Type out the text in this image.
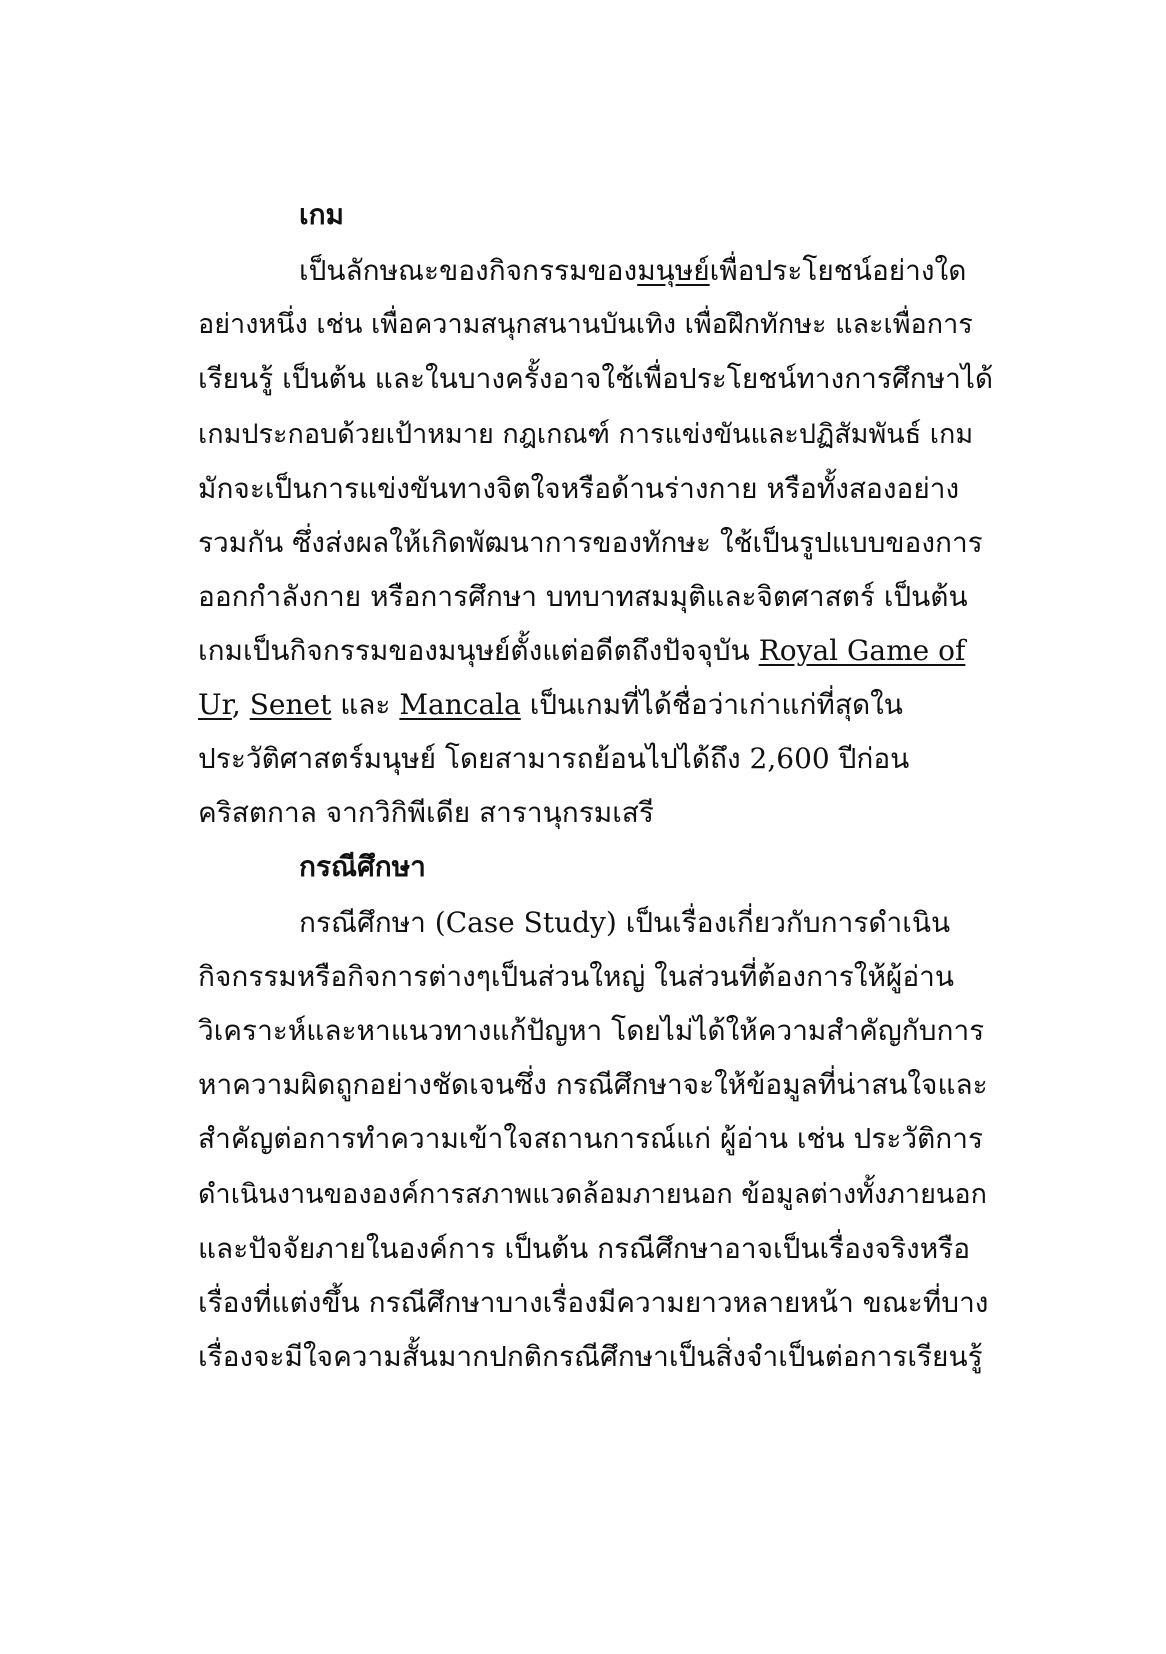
เกม
เป็นลักษณะของกิจกรรมของมนุษย์เพื่อประโยชน์อย่างใด
อย่างหนึ่ง เช่น เพื่อความสนุกสนานบันเทิง เพื่อฝึกทักษะ และเพื่อการ
เรียนรู้ เป็นต้น และในบางครั้งอาจใช้เพื่อประโยชน์ทางการศึกษาได้
เกมประกอบด้วยเป้าหมาย กฎเกณฑ์ การแข่งขันและปฏิสัมพันธ์ เกม
มักจะเป็นการแข่งขันทางจิตใจหรือด้านร่างกาย หรือทั้งสองอย่าง
รวมกัน ซึ่งส่งผลให้เกิดพัฒนาการของทักษะ ใช้เป็นรูปแบบของการ
ออกกำลังกาย หรือการศึกษา บทบาทสมมุติและจิตศาสตร์ เป็นต้น
เกมเป็นกิจกรรมของมนุษย์ตั้งแต่อดีตถึงปัจจุบัน Royal Game of
Ur, Senet และ Mancala เป็นเกมที่ได้ชื่อว่าเก่าแก่ที่สุดใน
ประวัติศาสตร์มนุษย์ โดยสามารถย้อนไปได้ถึง 2,600 ปีก่อน
คริสตกาล จากวิกิพีเดีย สารานุกรมเสรี
กรณีศึกษา
กรณีศึกษา (Case Study) เป็นเรื่องเกี่ยวกับการดำเนิน
กิจกรรมหรือกิจการต่างๆเป็นส่วนใหญ่ ในส่วนที่ต้องการให้ผู้อ่าน
วิเคราะห์และหาแนวทางแก้ปัญหา โดยไม่ได้ให้ความสำคัญกับการ
หาความผิดถูกอย่างชัดเจนซึ่ง กรณีศึกษาจะให้ข้อมูลที่น่าสนใจและ
สำคัญต่อการทำความเข้าใจสถานการณ์แก่ ผู้อ่าน เช่น ประวัติการ
ดำเนินงานขององค์การสภาพแวดล้อมภายนอก ข้อมูลต่างทั้งภายนอก
และปัจจัยภายในองค์การ เป็นต้น กรณีศึกษาอาจเป็นเรื่องจริงหรือ
เรื่องที่แต่งขึ้น กรณีศึกษาบางเรื่องมีความยาวหลายหน้า ขณะที่บาง
เรื่องจะมีใจความสั้นมากปกติกรณีศึกษาเป็นสิ่งจำเป็นต่อการเรียนรู้
